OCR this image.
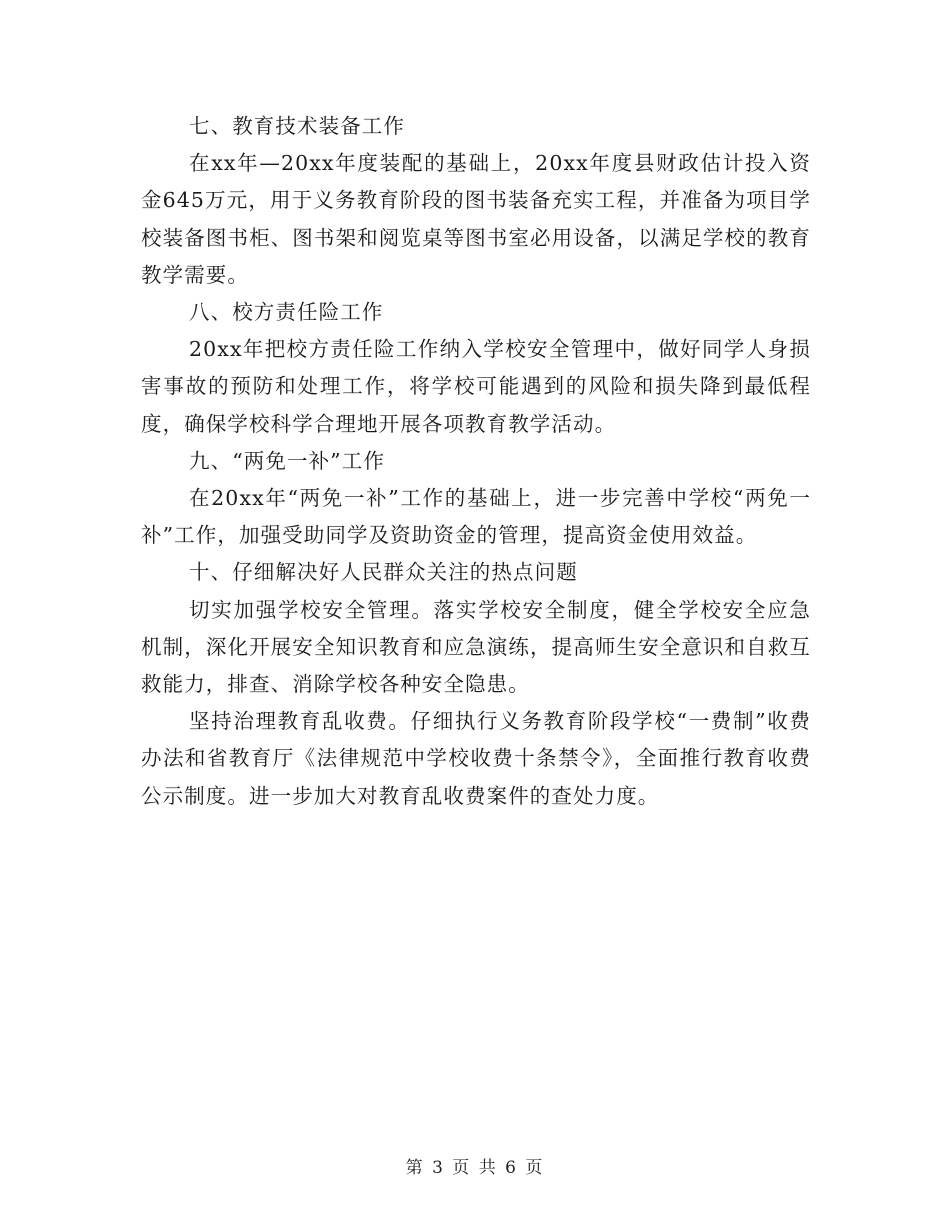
七、教育技术装备工作

在xx年—20xx年度装配的基础上，20xx年度县财政估计投入资金645万元，用于义务教育阶段的图书装备充实工程，并准备为项目学校装备图书柜、图书架和阅览桌等图书室必用设备，以满足学校的教育教学需要。

八、校方责任险工作

20xx年把校方责任险工作纳入学校安全管理中，做好同学人身损害事故的预防和处理工作，将学校可能遇到的风险和损失降到最低程度，确保学校科学合理地开展各项教育教学活动。

九、“两免一补”工作

在20xx年“两免一补”工作的基础上，进一步完善中学校“两免一补”工作，加强受助同学及资助资金的管理，提高资金使用效益。

十、仔细解决好人民群众关注的热点问题

切实加强学校安全管理。落实学校安全制度，健全学校安全应急机制，深化开展安全知识教育和应急演练，提高师生安全意识和自救互救能力，排查、消除学校各种安全隐患。

坚持治理教育乱收费。仔细执行义务教育阶段学校“一费制”收费办法和省教育厅《法律规范中学校收费十条禁令》，全面推行教育收费公示制度。进一步加大对教育乱收费案件的查处力度。

第 3 页 共 6 页
